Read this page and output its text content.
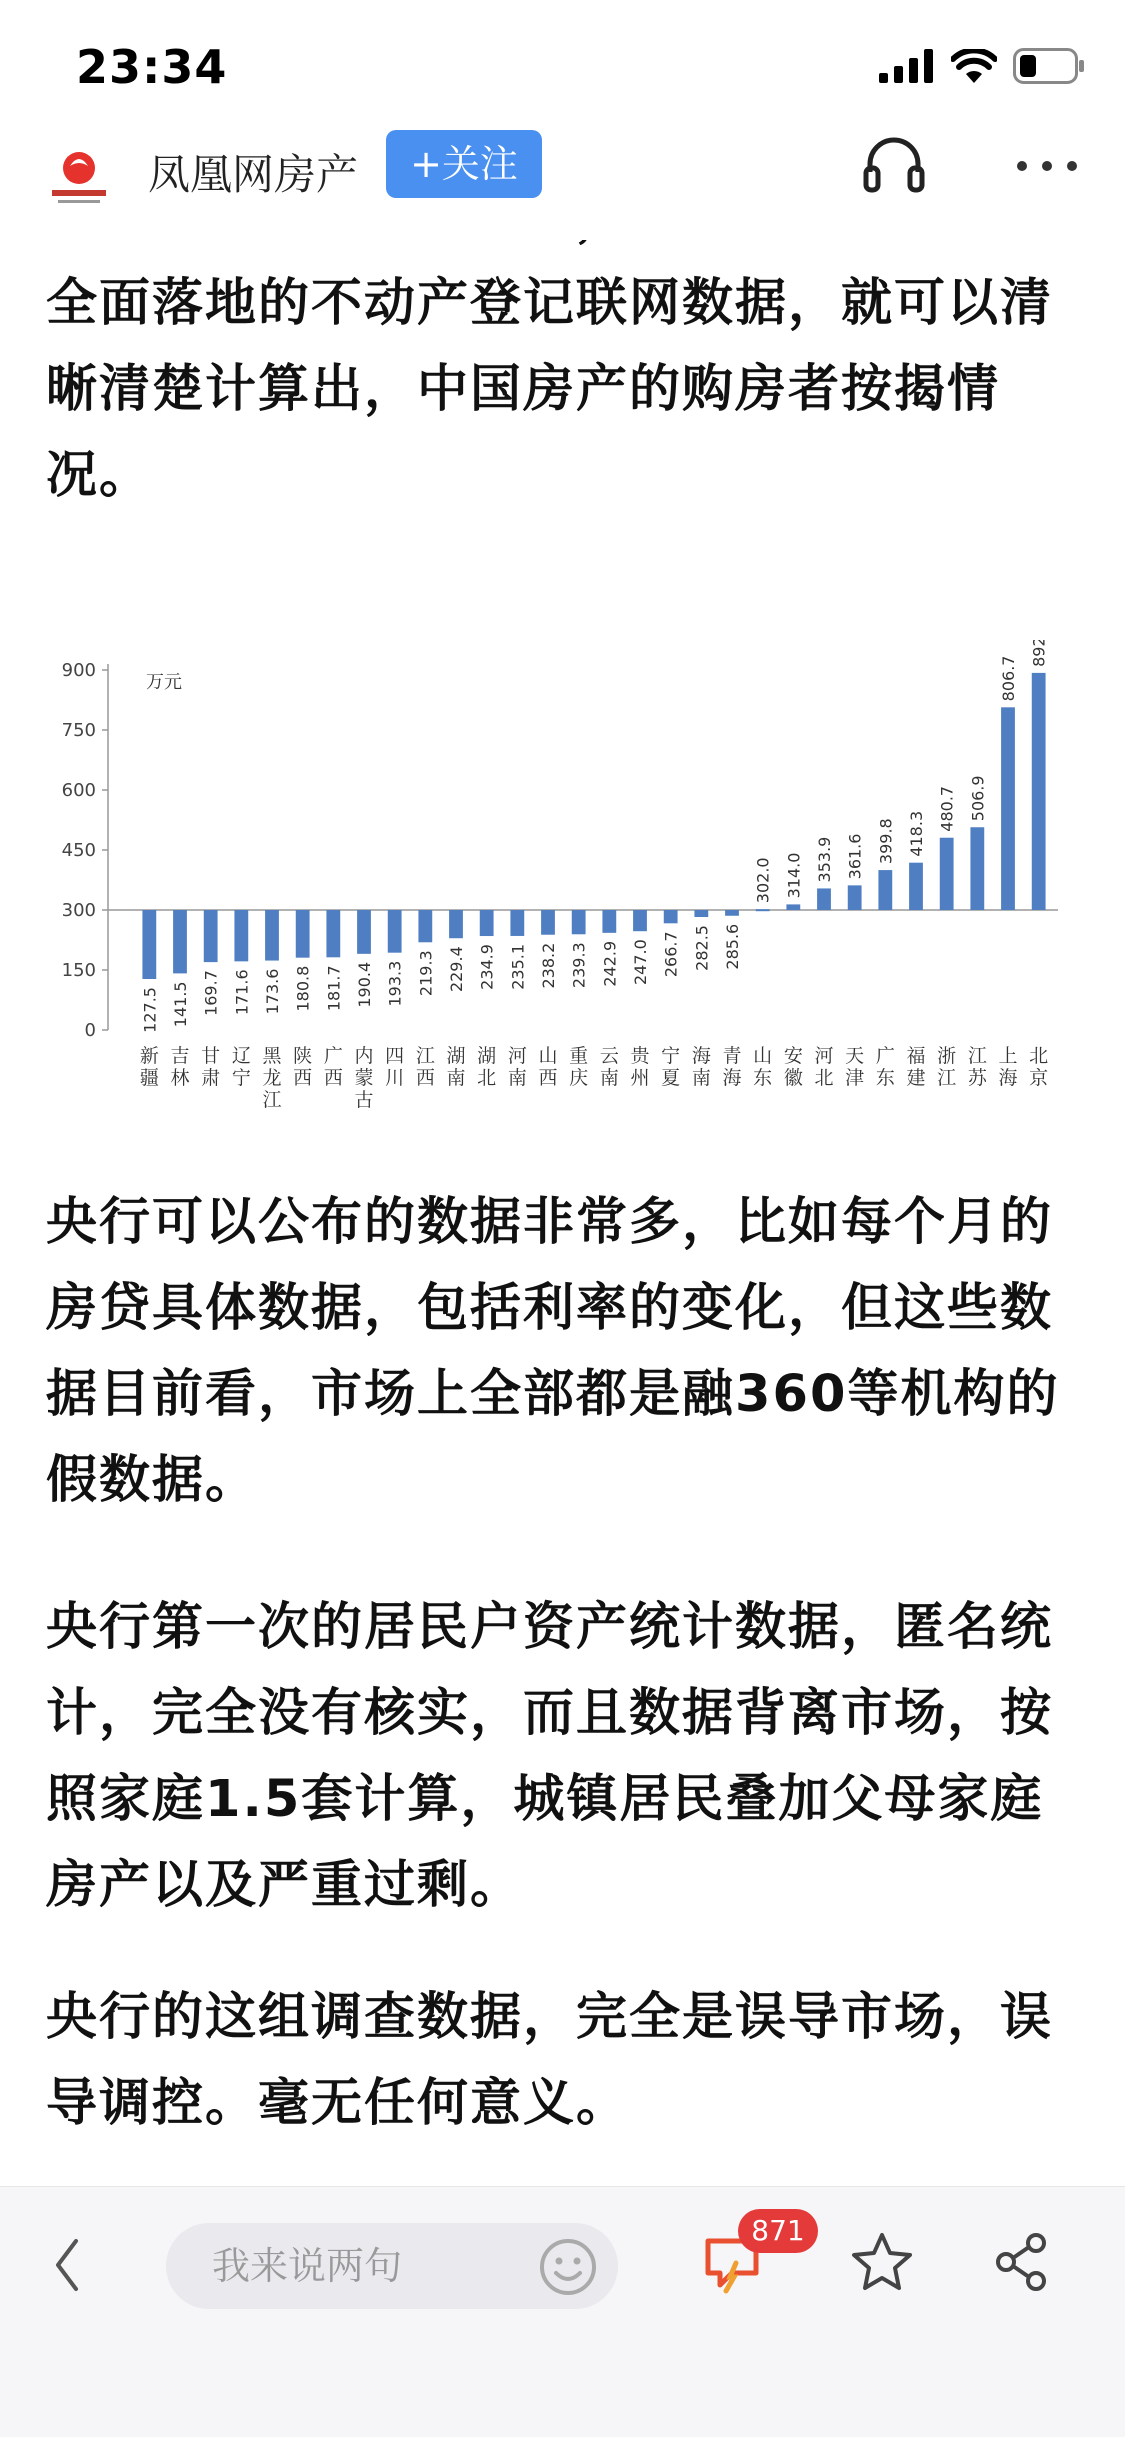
23:34
凤凰网房产	+关注

全面落地的不动产登记联网数据，就可以清

晰清楚计算出，中国房产的购房者按揭情

况。

0
150
300
450
600
750
900
万元
127.5
新
疆
141.5
吉
林
169.7
甘
肃
171.6
辽
宁
173.6
黑
龙
江
180.8
陕
西
181.7
广
西
190.4
内
蒙
古
193.3
四
川
219.3
江
西
229.4
湖
南
234.9
湖
北
235.1
河
南
238.2
山
西
239.3
重
庆
242.9
云
南
247.0
贵
州
266.7
宁
夏
282.5
海
南
285.6
青
海
302.0
山
东
314.0
安
徽
353.9
河
北
361.6
天
津
399.8
广
东
418.3
福
建
480.7
浙
江
506.9
江
苏
806.7
上
海
892.8
北
京

央行可以公布的数据非常多，比如每个月的

房贷具体数据，包括利率的变化，但这些数

据目前看，市场上全部都是融360等机构的

假数据。

央行第一次的居民户资产统计数据，匿名统

计，完全没有核实，而且数据背离市场，按

照家庭1.5套计算，城镇居民叠加父母家庭

房产以及严重过剩。

央行的这组调查数据，完全是误导市场，误

导调控。毫无任何意义。

我来说两句
871
